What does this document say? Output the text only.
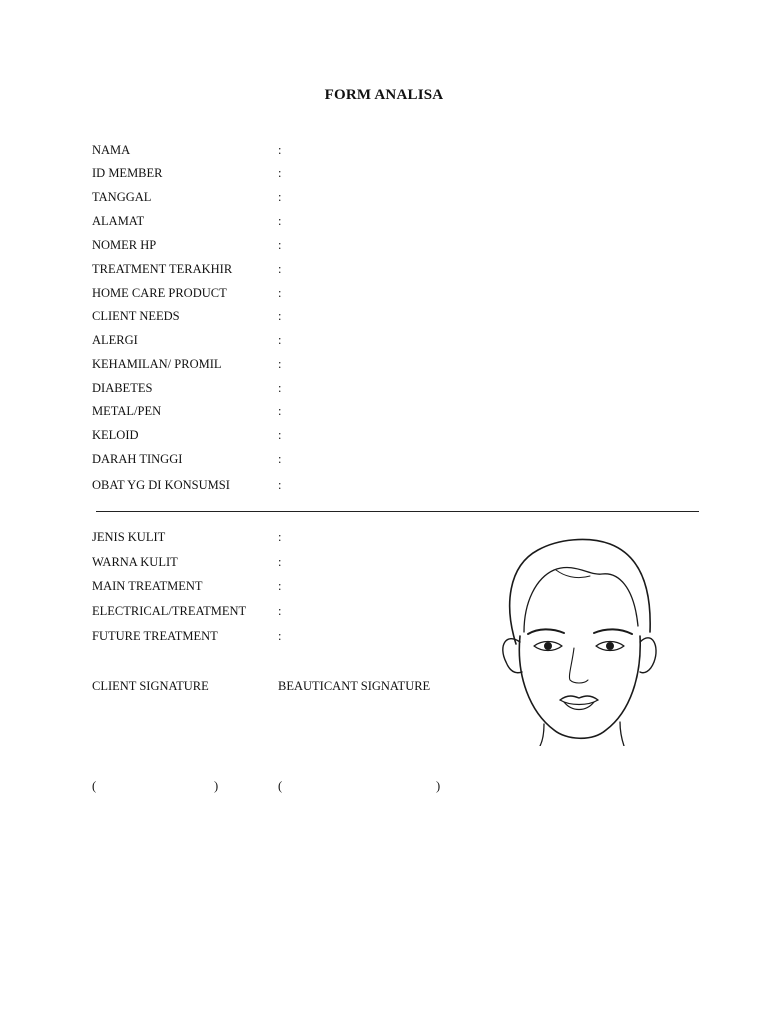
FORM ANALISA
NAMA	:
ID MEMBER	:
TANGGAL	:
ALAMAT	:
NOMER HP	:
TREATMENT TERAKHIR	:
HOME CARE PRODUCT	:
CLIENT NEEDS	:
ALERGI	:
KEHAMILAN/ PROMIL	:
DIABETES	:
METAL/PEN	:
KELOID	:
DARAH TINGGI	:
OBAT YG DI KONSUMSI	:
JENIS KULIT	:
WARNA KULIT	:
MAIN TREATMENT	:
ELECTRICAL/TREATMENT	:
FUTURE TREATMENT	:
CLIENT SIGNATURE	BEAUTICANT SIGNATURE
(	)	(	)
